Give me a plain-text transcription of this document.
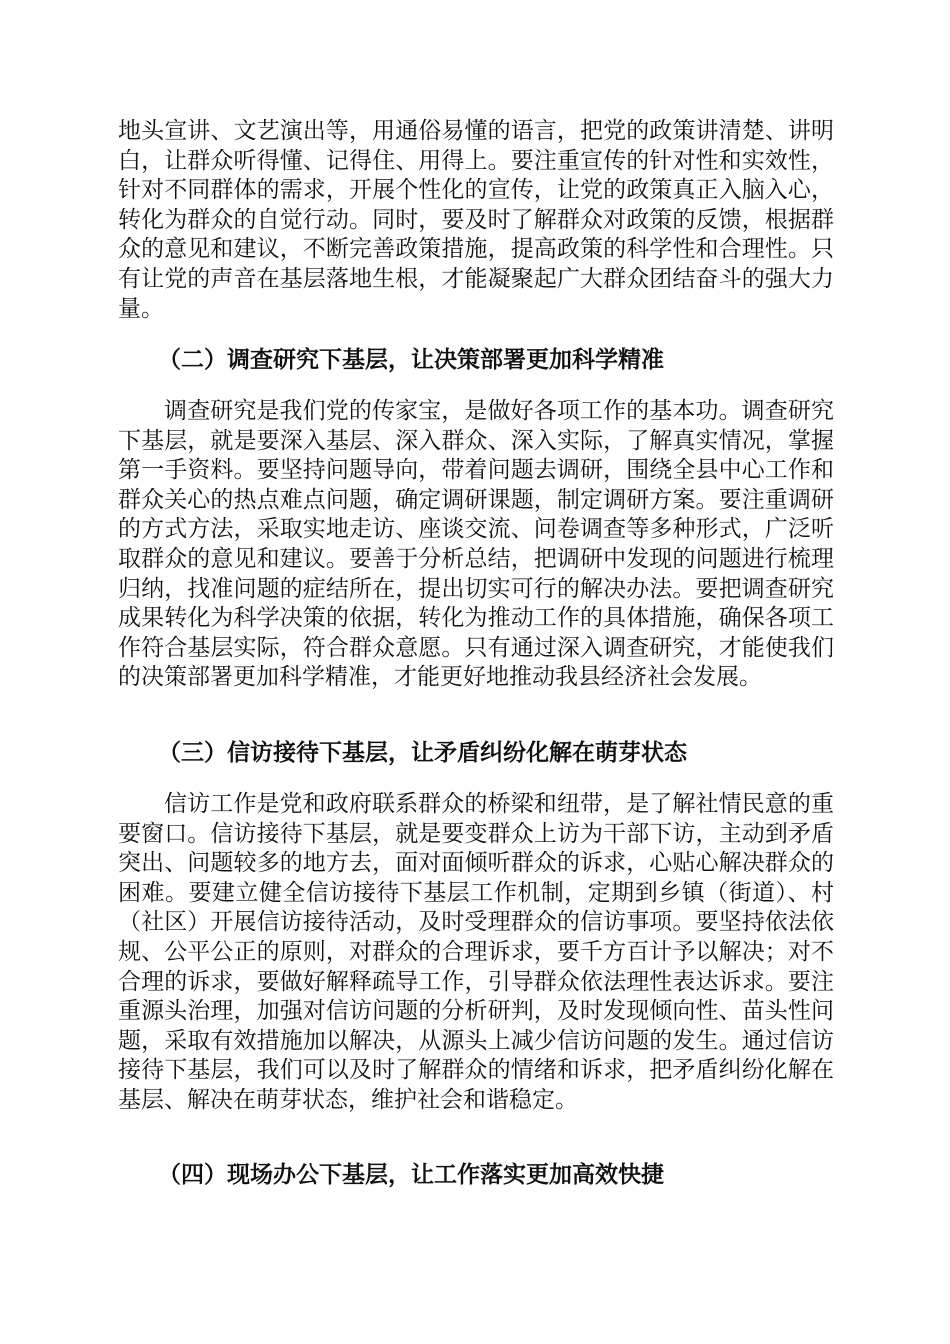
地头宣讲、文艺演出等，用通俗易懂的语言，把党的政策讲清楚、讲明白，让群众听得懂、记得住、用得上。要注重宣传的针对性和实效性，针对不同群体的需求，开展个性化的宣传，让党的政策真正入脑入心，转化为群众的自觉行动。同时，要及时了解群众对政策的反馈，根据群众的意见和建议，不断完善政策措施，提高政策的科学性和合理性。只有让党的声音在基层落地生根，才能凝聚起广大群众团结奋斗的强大力量。

（二）调查研究下基层，让决策部署更加科学精准

调查研究是我们党的传家宝，是做好各项工作的基本功。调查研究下基层，就是要深入基层、深入群众、深入实际，了解真实情况，掌握第一手资料。要坚持问题导向，带着问题去调研，围绕全县中心工作和群众关心的热点难点问题，确定调研课题，制定调研方案。要注重调研的方式方法，采取实地走访、座谈交流、问卷调查等多种形式，广泛听取群众的意见和建议。要善于分析总结，把调研中发现的问题进行梳理归纳，找准问题的症结所在，提出切实可行的解决办法。要把调查研究成果转化为科学决策的依据，转化为推动工作的具体措施，确保各项工作符合基层实际，符合群众意愿。只有通过深入调查研究，才能使我们的决策部署更加科学精准，才能更好地推动我县经济社会发展。

（三）信访接待下基层，让矛盾纠纷化解在萌芽状态

信访工作是党和政府联系群众的桥梁和纽带，是了解社情民意的重要窗口。信访接待下基层，就是要变群众上访为干部下访，主动到矛盾突出、问题较多的地方去，面对面倾听群众的诉求，心贴心解决群众的困难。要建立健全信访接待下基层工作机制，定期到乡镇（街道）、村（社区）开展信访接待活动，及时受理群众的信访事项。要坚持依法依规、公平公正的原则，对群众的合理诉求，要千方百计予以解决；对不合理的诉求，要做好解释疏导工作，引导群众依法理性表达诉求。要注重源头治理，加强对信访问题的分析研判，及时发现倾向性、苗头性问题，采取有效措施加以解决，从源头上减少信访问题的发生。通过信访接待下基层，我们可以及时了解群众的情绪和诉求，把矛盾纠纷化解在基层、解决在萌芽状态，维护社会和谐稳定。

（四）现场办公下基层，让工作落实更加高效快捷
